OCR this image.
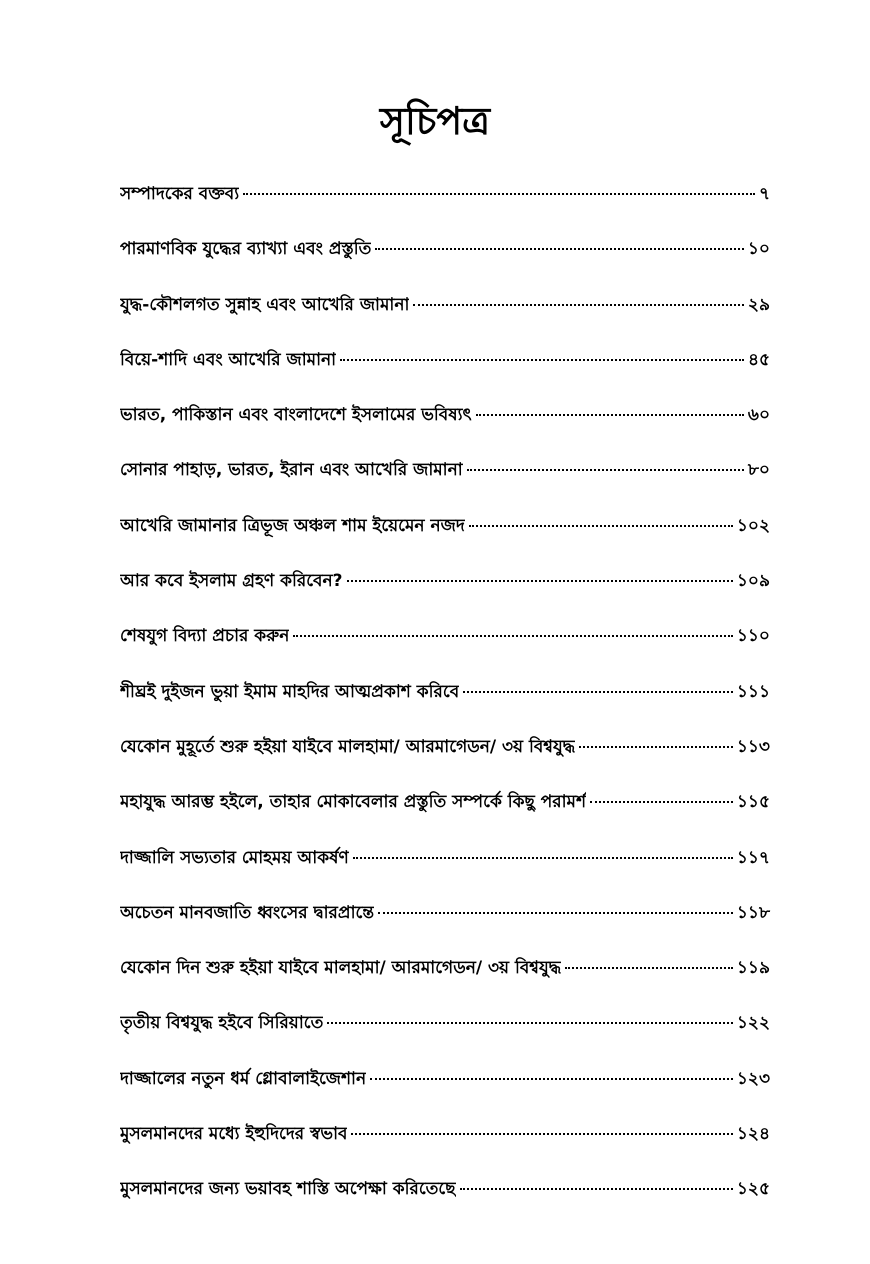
সূচিপত্র
সম্পাদকের বক্তব্য	৭
পারমাণবিক যুদ্ধের ব্যাখ্যা এবং প্রস্তুতি	১০
যুদ্ধ-কৌশলগত সুন্নাহ এবং আখেরি জামানা	২৯
বিয়ে-শাদি এবং আখেরি জামানা	৪৫
ভারত, পাকিস্তান এবং বাংলাদেশে ইসলামের ভবিষ্যৎ	৬০
সোনার পাহাড়, ভারত, ইরান এবং আখেরি জামানা	৮০
আখেরি জামানার ত্রিভূজ অঞ্চল শাম ইয়েমেন নজদ	১০২
আর কবে ইসলাম গ্রহণ করিবেন?	১০৯
শেষযুগ বিদ্যা প্রচার করুন	১১০
শীঘ্রই দুইজন ভুয়া ইমাম মাহদির আত্মপ্রকাশ করিবে	১১১
যেকোন মুহূর্তে শুরু হইয়া যাইবে মালহামা/ আরমাগেডন/ ৩য় বিশ্বযুদ্ধ	১১৩
মহাযুদ্ধ আরম্ভ হইলে, তাহার মোকাবেলার প্রস্তুতি সম্পর্কে কিছু পরামর্শ	১১৫
দাজ্জালি সভ্যতার মোহময় আকর্ষণ	১১৭
অচেতন মানবজাতি ধ্বংসের দ্বারপ্রান্তে	১১৮
যেকোন দিন শুরু হইয়া যাইবে মালহামা/ আরমাগেডন/ ৩য় বিশ্বযুদ্ধ	১১৯
তৃতীয় বিশ্বযুদ্ধ হইবে সিরিয়াতে	১২২
দাজ্জালের নতুন ধর্ম গ্লোবালাইজেশান	১২৩
মুসলমানদের মধ্যে ইহুদিদের স্বভাব	১২৪
মুসলমানদের জন্য ভয়াবহ শাস্তি অপেক্ষা করিতেছে	১২৫
